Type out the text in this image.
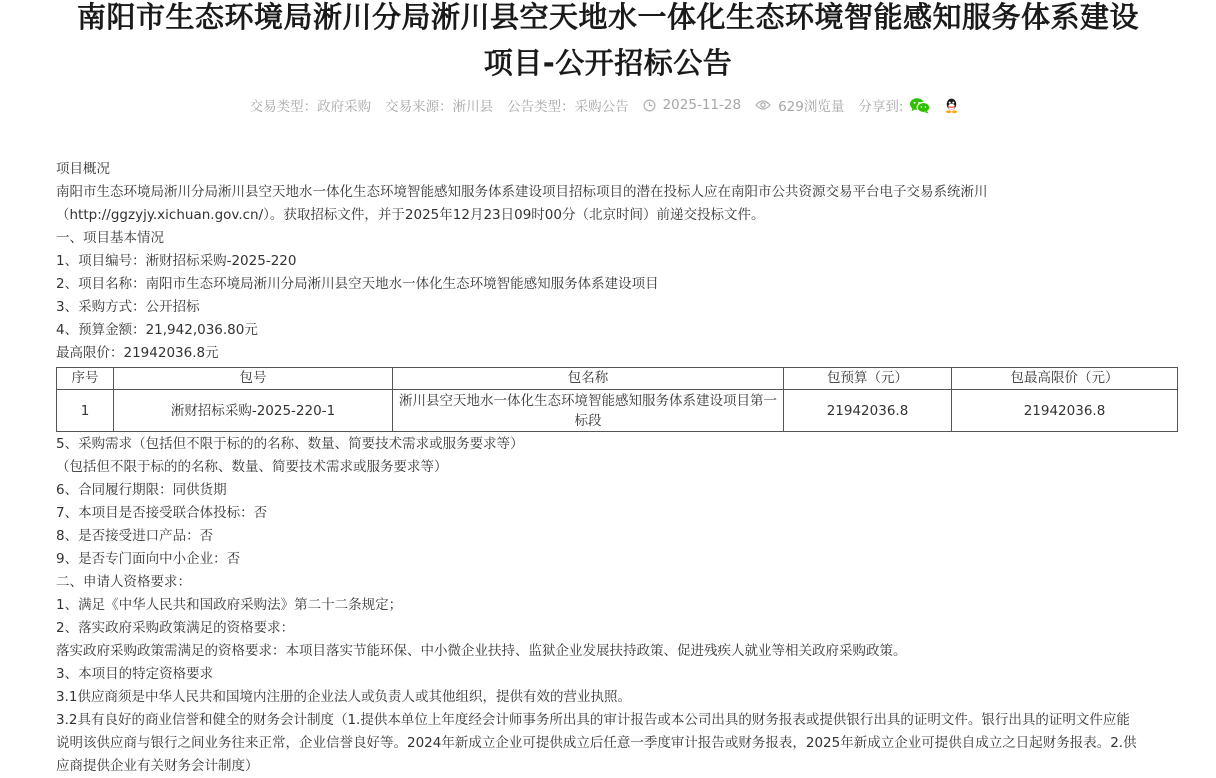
南阳市生态环境局淅川分局淅川县空天地水一体化生态环境智能感知服务体系建设
项目-公开招标公告
交易类型：政府采购 交易来源：淅川县 公告类型：采购公告	2025-11-28	629浏览量 分享到:

项目概况

南阳市生态环境局淅川分局淅川县空天地水一体化生态环境智能感知服务体系建设项目招标项目的潜在投标人应在南阳市公共资源交易平台电子交易系统淅川

（http://ggzyjy.xichuan.gov.cn/）。获取招标文件，并于2025年12月23日09时00分（北京时间）前递交投标文件。

一、项目基本情况

1、项目编号：淅财招标采购-2025-220

2、项目名称：南阳市生态环境局淅川分局淅川县空天地水一体化生态环境智能感知服务体系建设项目

3、采购方式：公开招标

4、预算金额：21,942,036.80元

最高限价：21942036.8元

序号	包号	包名称	包预算（元）	包最高限价（元）
1	淅财招标采购-2025-220-1	淅川县空天地水一体化生态环境智能感知服务体系建设项目第一标段	21942036.8	21942036.8

5、采购需求（包括但不限于标的的名称、数量、简要技术需求或服务要求等）

（包括但不限于标的的名称、数量、简要技术需求或服务要求等）

6、合同履行期限：同供货期

7、本项目是否接受联合体投标：否

8、是否接受进口产品：否

9、是否专门面向中小企业：否

二、申请人资格要求：

1、满足《中华人民共和国政府采购法》第二十二条规定；

2、落实政府采购政策满足的资格要求：

落实政府采购政策需满足的资格要求：本项目落实节能环保、中小微企业扶持、监狱企业发展扶持政策、促进残疾人就业等相关政府采购政策。

3、本项目的特定资格要求

3.1供应商须是中华人民共和国境内注册的企业法人或负责人或其他组织，提供有效的营业执照。

3.2具有良好的商业信誉和健全的财务会计制度（1.提供本单位上年度经会计师事务所出具的审计报告或本公司出具的财务报表或提供银行出具的证明文件。银行出具的证明文件应能

说明该供应商与银行之间业务往来正常，企业信誉良好等。2024年新成立企业可提供成立后任意一季度审计报告或财务报表，2025年新成立企业可提供自成立之日起财务报表。2.供

应商提供企业有关财务会计制度）
